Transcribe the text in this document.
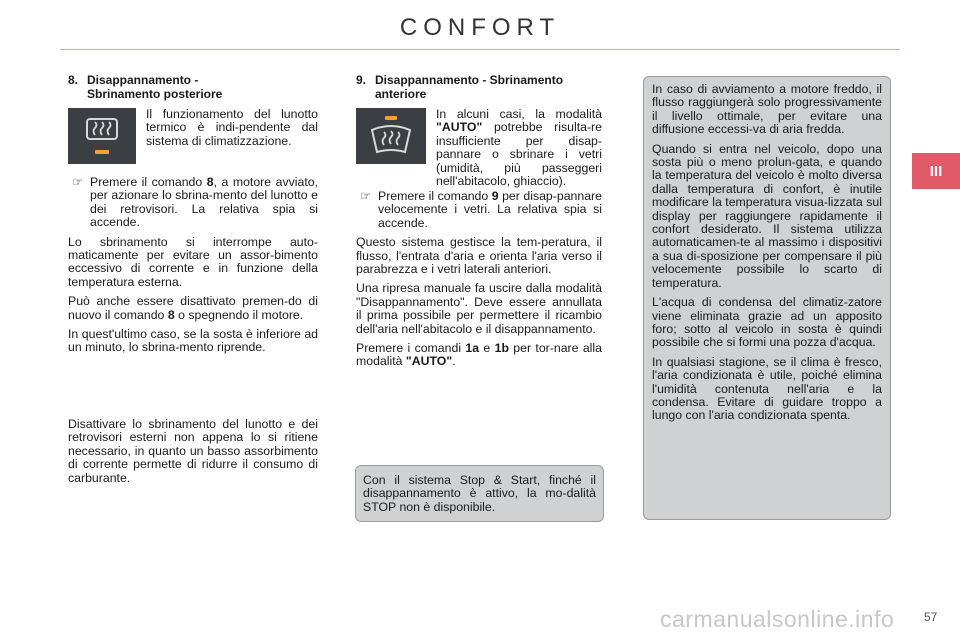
CONFORT
III
8. Disappannamento - Sbrinamento posteriore
Il funzionamento del lunotto termico è indi-pendente dal sistema di climatizzazione.

☞ Premere il comando 8, a motore avviato, per azionare lo sbrina-mento del lunotto e dei retrovisori. La relativa spia si accende.

Lo sbrinamento si interrompe auto-maticamente per evitare un assor-bimento eccessivo di corrente e in funzione della temperatura esterna.

Può anche essere disattivato premen-do di nuovo il comando 8 o spegnendo il motore.

In quest'ultimo caso, se la sosta è inferiore ad un minuto, lo sbrina-mento riprende.

Disattivare lo sbrinamento del lunotto e dei retrovisori esterni non appena lo si ritiene necessario, in quanto un basso assorbimento di corrente permette di ridurre il consumo di carburante.
9. Disappannamento - Sbrinamento anteriore
In alcuni casi, la modalità "AUTO" potrebbe risulta-re insufficiente per disap-pannare o sbrinare i vetri (umidità, più passeggeri nell'abitacolo, ghiaccio).

☞ Premere il comando 9 per disap-pannare velocemente i vetri. La relativa spia si accende.

Questo sistema gestisce la tem-peratura, il flusso, l'entrata d'aria e orienta l'aria verso il parabrezza e i vetri laterali anteriori.

Una ripresa manuale fa uscire dalla modalità "Disappannamento". Deve essere annullata il prima possibile per permettere il ricambio dell'aria nell'abitacolo e il disappannamento.

Premere i comandi 1a e 1b per tor-nare alla modalità "AUTO".

Con il sistema Stop & Start, finché il disappannamento è attivo, la mo-dalità STOP non è disponibile.

In caso di avviamento a motore freddo, il flusso raggiungerà solo progressivamente il livello ottimale, per evitare una diffusione eccessi-va di aria fredda.

Quando si entra nel veicolo, dopo una sosta più o meno prolun-gata, e quando la temperatura del veicolo è molto diversa dalla temperatura di confort, è inutile modificare la temperatura visua-lizzata sul display per raggiungere rapidamente il confort desiderato. Il sistema utilizza automaticamen-te al massimo i dispositivi a sua di-sposizione per compensare il più velocemente possibile lo scarto di temperatura.

L'acqua di condensa del climatiz-zatore viene eliminata grazie ad un apposito foro; sotto al veicolo in sosta è quindi possibile che si formi una pozza d'acqua.

In qualsiasi stagione, se il clima è fresco, l'aria condizionata è utile, poiché elimina l'umidità contenuta nell'aria e la condensa. Evitare di guidare troppo a lungo con l'aria condizionata spenta.

carmanualsonline.info 57
